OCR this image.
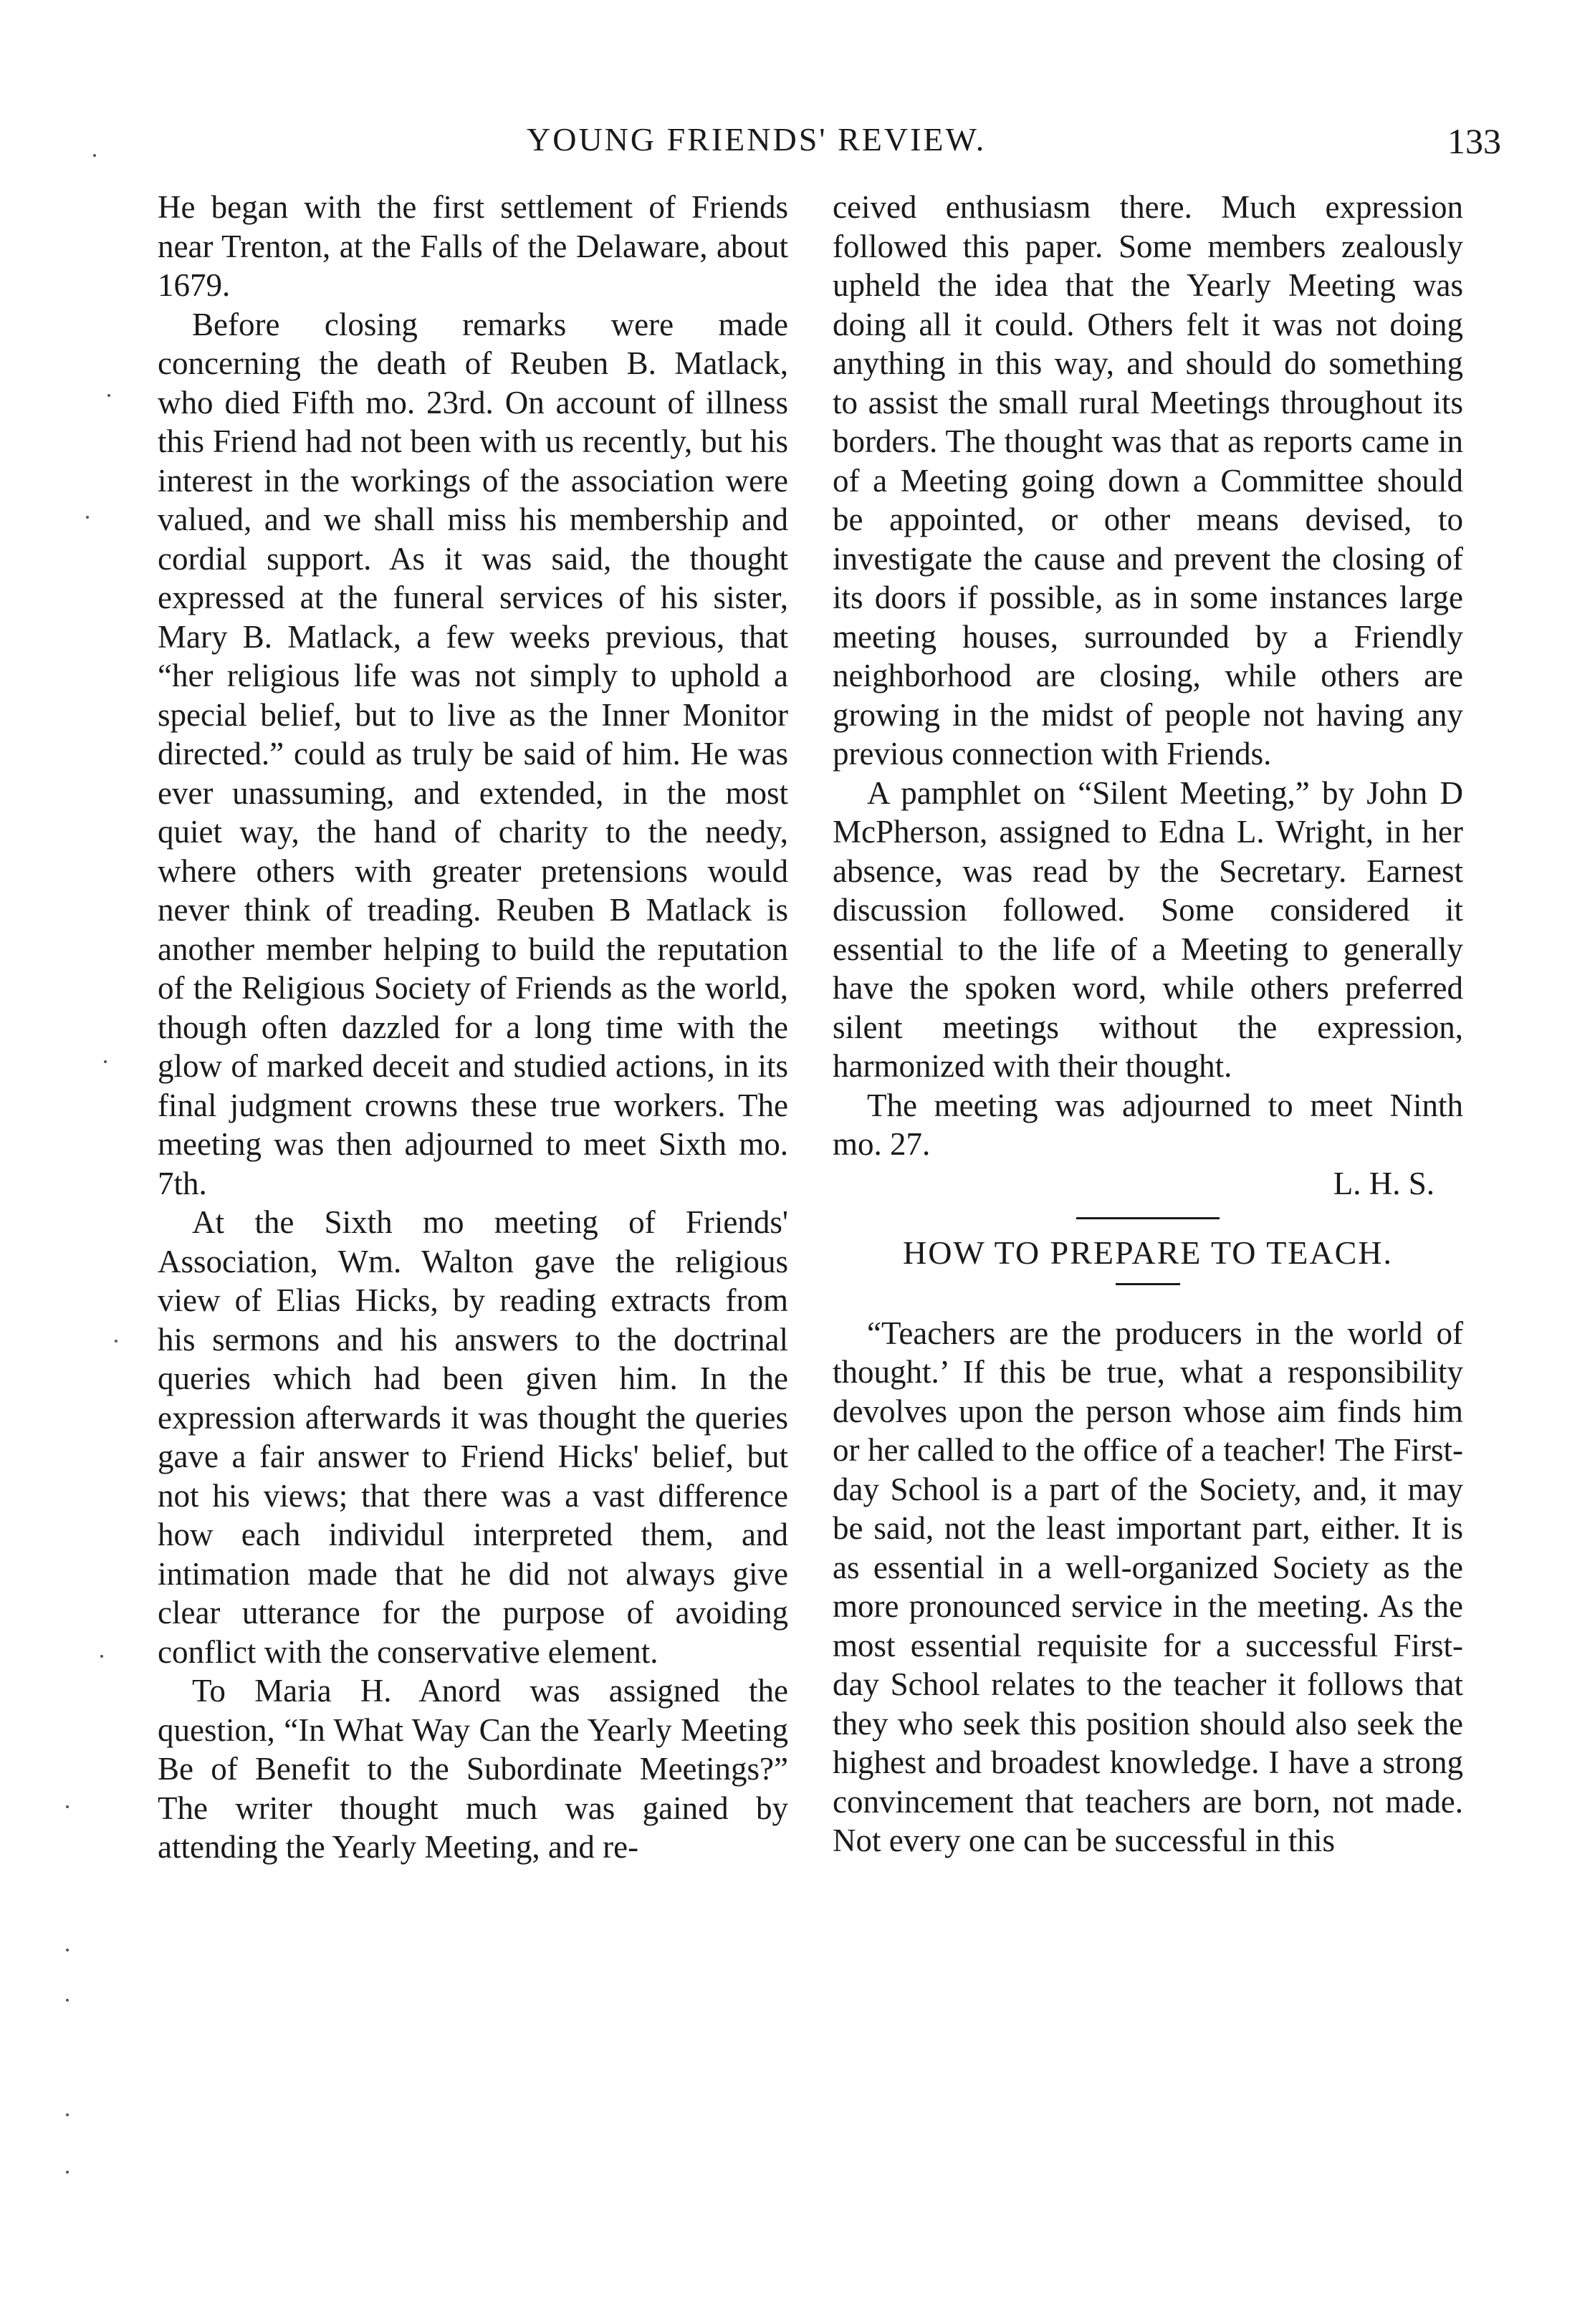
YOUNG FRIENDS' REVIEW.	133

He began with the first settlement of Friends near Trenton, at the Falls of the Delaware, about 1679.

Before closing remarks were made concerning the death of Reuben B. Matlack, who died Fifth mo. 23rd. On account of illness this Friend had not been with us recently, but his interest in the workings of the association were valued, and we shall miss his membership and cordial support. As it was said, the thought expressed at the funeral services of his sister, Mary B. Matlack, a few weeks previous, that “her religious life was not simply to uphold a special belief, but to live as the Inner Monitor directed.” could as truly be said of him. He was ever unassuming, and extended, in the most quiet way, the hand of charity to the needy, where others with greater pretensions would never think of treading. Reuben B Matlack is another member helping to build the reputation of the Religious Society of Friends as the world, though often dazzled for a long time with the glow of marked deceit and studied actions, in its final judgment crowns these true workers. The meeting was then adjourned to meet Sixth mo. 7th.

At the Sixth mo meeting of Friends' Association, Wm. Walton gave the religious view of Elias Hicks, by reading extracts from his sermons and his answers to the doctrinal queries which had been given him. In the expression afterwards it was thought the queries gave a fair answer to Friend Hicks' belief, but not his views; that there was a vast difference how each individul interpreted them, and intimation made that he did not always give clear utterance for the purpose of avoiding conflict with the conservative element.

To Maria H. Anord was assigned the question, “In What Way Can the Yearly Meeting Be of Benefit to the Subordinate Meetings?” The writer thought much was gained by attending the Yearly Meeting, and re-

ceived enthusiasm there. Much expression followed this paper. Some members zealously upheld the idea that the Yearly Meeting was doing all it could. Others felt it was not doing anything in this way, and should do something to assist the small rural Meetings throughout its borders. The thought was that as reports came in of a Meeting going down a Committee should be appointed, or other means devised, to investigate the cause and prevent the closing of its doors if possible, as in some instances large meeting houses, surrounded by a Friendly neighborhood are closing, while others are growing in the midst of people not having any previous connection with Friends.

A pamphlet on “Silent Meeting,” by John D McPherson, assigned to Edna L. Wright, in her absence, was read by the Secretary. Earnest discussion followed. Some considered it essential to the life of a Meeting to generally have the spoken word, while others preferred silent meetings without the expression, harmonized with their thought.

The meeting was adjourned to meet Ninth mo. 27.

L. H. S.
HOW TO PREPARE TO TEACH.

“Teachers are the producers in the world of thought.’ If this be true, what a responsibility devolves upon the person whose aim finds him or her called to the office of a teacher! The First-day School is a part of the Society, and, it may be said, not the least important part, either. It is as essential in a well-organized Society as the more pronounced service in the meeting. As the most essential requisite for a successful First-day School relates to the teacher it follows that they who seek this position should also seek the highest and broadest knowledge. I have a strong convincement that teachers are born, not made. Not every one can be successful in this
